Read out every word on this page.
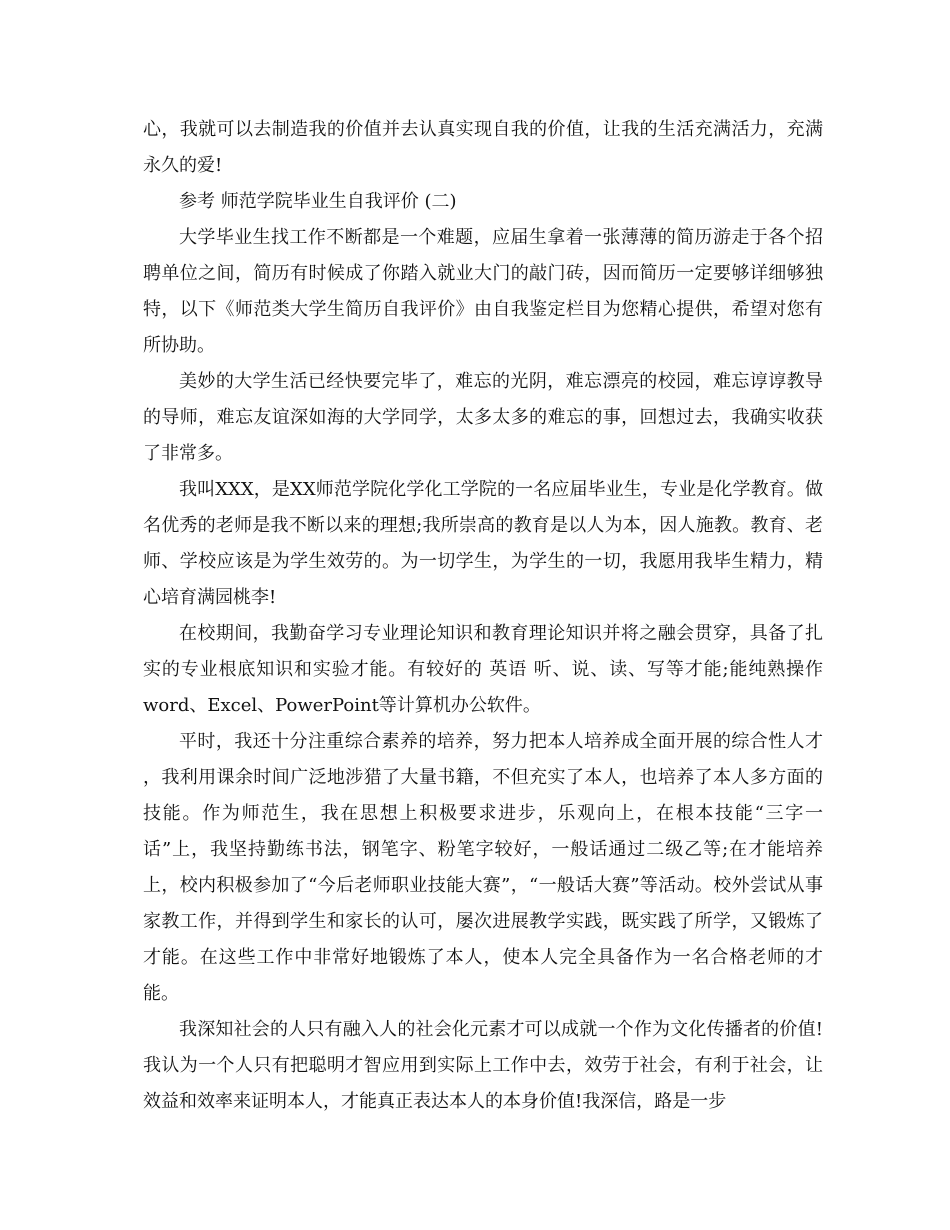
心，我就可以去制造我的价值并去认真实现自我的价值，让我的生活充满活力，充满永久的爱!

参考 师范学院毕业生自我评价 (二)

大学毕业生找工作不断都是一个难题，应届生拿着一张薄薄的简历游走于各个招聘单位之间，简历有时候成了你踏入就业大门的敲门砖，因而简历一定要够详细够独特，以下《师范类大学生简历自我评价》由自我鉴定栏目为您精心提供，希望对您有所协助。

美妙的大学生活已经快要完毕了，难忘的光阴，难忘漂亮的校园，难忘谆谆教导的导师，难忘友谊深如海的大学同学，太多太多的难忘的事，回想过去，我确实收获了非常多。

我叫XXX，是XX师范学院化学化工学院的一名应届毕业生，专业是化学教育。做名优秀的老师是我不断以来的理想;我所崇高的教育是以人为本，因人施教。教育、老师、学校应该是为学生效劳的。为一切学生，为学生的一切，我愿用我毕生精力，精心培育满园桃李!

在校期间，我勤奋学习专业理论知识和教育理论知识并将之融会贯穿，具备了扎实的专业根底知识和实验才能。有较好的 英语 听、说、读、写等才能;能纯熟操作word、Excel、PowerPoint等计算机办公软件。

平时，我还十分注重综合素养的培养，努力把本人培养成全面开展的综合性人才 ，我利用课余时间广泛地涉猎了大量书籍，不但充实了本人，也培养了本人多方面的技能。作为师范生，我在思想上积极要求进步，乐观向上，在根本技能“三字一话”上，我坚持勤练书法，钢笔字、粉笔字较好，一般话通过二级乙等;在才能培养上，校内积极参加了“今后老师职业技能大赛”，“一般话大赛”等活动。校外尝试从事家教工作，并得到学生和家长的认可，屡次进展教学实践，既实践了所学，又锻炼了才能。在这些工作中非常好地锻炼了本人，使本人完全具备作为一名合格老师的才能。

我深知社会的人只有融入人的社会化元素才可以成就一个作为文化传播者的价值!我认为一个人只有把聪明才智应用到实际上工作中去，效劳于社会，有利于社会，让效益和效率来证明本人，才能真正表达本人的本身价值!我深信，路是一步
